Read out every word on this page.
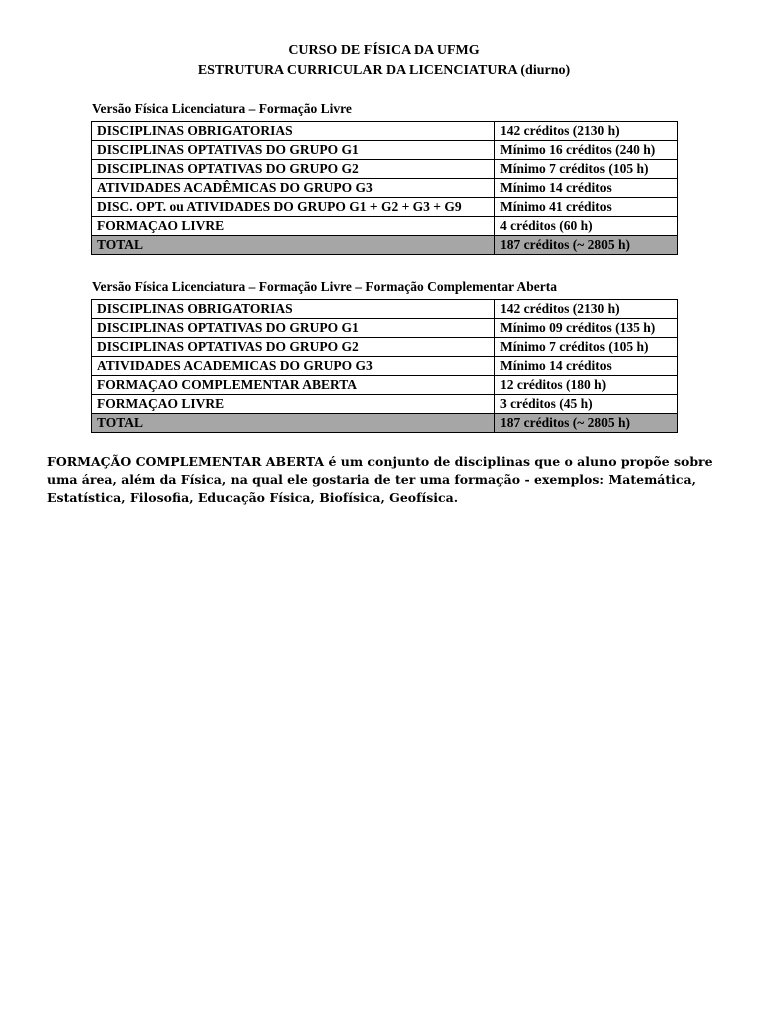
CURSO DE FÍSICA DA UFMG
ESTRUTURA CURRICULAR DA LICENCIATURA (diurno)
Versão Física Licenciatura – Formação Livre
DISCIPLINAS OBRIGATORIAS	142 créditos (2130 h)
DISCIPLINAS OPTATIVAS DO GRUPO G1	Mínimo 16 créditos (240 h)
DISCIPLINAS OPTATIVAS DO GRUPO G2	Mínimo 7 créditos (105 h)
ATIVIDADES ACADÊMICAS DO GRUPO G3	Mínimo 14 créditos
DISC. OPT. ou ATIVIDADES DO GRUPO G1 + G2 + G3 + G9	Mínimo 41 créditos
FORMAÇAO LIVRE	4 créditos (60 h)
TOTAL	187 créditos (~ 2805 h)
Versão Física Licenciatura – Formação Livre – Formação Complementar Aberta
DISCIPLINAS OBRIGATORIAS	142 créditos (2130 h)
DISCIPLINAS OPTATIVAS DO GRUPO G1	Mínimo 09 créditos (135 h)
DISCIPLINAS OPTATIVAS DO GRUPO G2	Mínimo 7 créditos (105 h)
ATIVIDADES ACADEMICAS DO GRUPO G3	Mínimo 14 créditos
FORMAÇAO COMPLEMENTAR ABERTA	12 créditos (180 h)
FORMAÇAO LIVRE	3 créditos (45 h)
TOTAL	187 créditos (~ 2805 h)
FORMAÇÃO COMPLEMENTAR ABERTA é um conjunto de disciplinas que o aluno propõe sobre uma área, além da Física, na qual ele gostaria de ter uma formação - exemplos: Matemática, Estatística, Filosofia, Educação Física, Biofísica, Geofísica.
